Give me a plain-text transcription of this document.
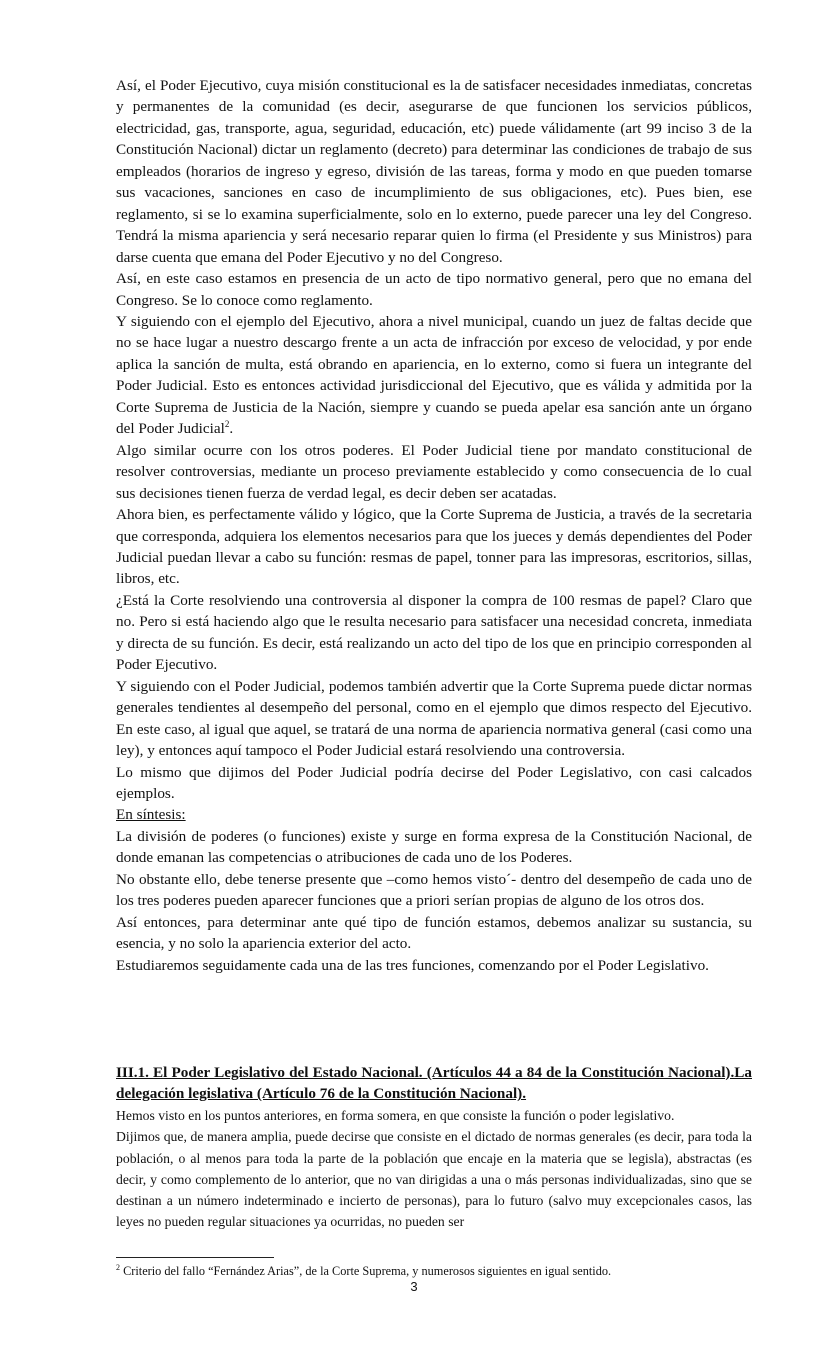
Así, el Poder Ejecutivo, cuya misión constitucional es la de satisfacer necesidades inmediatas, concretas y permanentes de la comunidad (es decir, asegurarse de que funcionen los servicios públicos, electricidad, gas, transporte, agua, seguridad, educación, etc) puede válidamente (art 99 inciso 3 de la Constitución Nacional) dictar un reglamento (decreto) para determinar las condiciones de trabajo de sus empleados (horarios de ingreso y egreso, división de las tareas, forma y modo en que pueden tomarse sus vacaciones, sanciones en caso de incumplimiento de sus obligaciones, etc). Pues bien, ese reglamento, si se lo examina superficialmente, solo en lo externo, puede parecer una ley del Congreso. Tendrá la misma apariencia y será necesario reparar quien lo firma (el Presidente y sus Ministros) para darse cuenta que emana del Poder Ejecutivo y no del Congreso.

Así, en este caso estamos en presencia de un acto de tipo normativo general, pero que no emana del Congreso. Se lo conoce como reglamento.

Y siguiendo con el ejemplo del Ejecutivo, ahora a nivel municipal, cuando un juez de faltas decide que no se hace lugar a nuestro descargo frente a un acta de infracción por exceso de velocidad, y por ende aplica la sanción de multa, está obrando en apariencia, en lo externo, como si fuera un integrante del Poder Judicial. Esto es entonces actividad jurisdiccional del Ejecutivo, que es válida y admitida por la Corte Suprema de Justicia de la Nación, siempre y cuando se pueda apelar esa sanción ante un órgano del Poder Judicial$^2$.

Algo similar ocurre con los otros poderes. El Poder Judicial tiene por mandato constitucional de resolver controversias, mediante un proceso previamente establecido y como consecuencia de lo cual sus decisiones tienen fuerza de verdad legal, es decir deben ser acatadas.

Ahora bien, es perfectamente válido y lógico, que la Corte Suprema de Justicia, a través de la secretaria que corresponda, adquiera los elementos necesarios para que los jueces y demás dependientes del Poder Judicial puedan llevar a cabo su función: resmas de papel, tonner para las impresoras, escritorios, sillas, libros, etc.

¿Está la Corte resolviendo una controversia al disponer la compra de 100 resmas de papel? Claro que no. Pero si está haciendo algo que le resulta necesario para satisfacer una necesidad concreta, inmediata y directa de su función. Es decir, está realizando un acto del tipo de los que en principio corresponden al Poder Ejecutivo.

Y siguiendo con el Poder Judicial, podemos también advertir que la Corte Suprema puede dictar normas generales tendientes al desempeño del personal, como en el ejemplo que dimos respecto del Ejecutivo. En este caso, al igual que aquel, se tratará de una norma de apariencia normativa general (casi como una ley), y entonces aquí tampoco el Poder Judicial estará resolviendo una controversia.

Lo mismo que dijimos del Poder Judicial podría decirse del Poder Legislativo, con casi calcados ejemplos.

En síntesis:

La división de poderes (o funciones) existe y surge en forma expresa de la Constitución Nacional, de donde emanan las competencias o atribuciones de cada uno de los Poderes.

No obstante ello, debe tenerse presente que –como hemos visto´- dentro del desempeño de cada uno de los tres poderes pueden aparecer funciones que a priori serían propias de alguno de los otros dos.

Así entonces, para determinar ante qué tipo de función estamos, debemos analizar su sustancia, su esencia, y no solo la apariencia exterior del acto.

Estudiaremos seguidamente cada una de las tres funciones, comenzando por el Poder Legislativo.

III.1. El Poder Legislativo del Estado Nacional. (Artículos 44 a 84 de la Constitución Nacional).La delegación legislativa (Artículo 76 de la Constitución Nacional).

Hemos visto en los puntos anteriores, en forma somera, en que consiste la función o poder legislativo.

Dijimos que, de manera amplia, puede decirse que consiste en el dictado de normas generales (es decir, para toda la población, o al menos para toda la parte de la población que encaje en la materia que se legisla), abstractas (es decir, y como complemento de lo anterior, que no van dirigidas a una o más personas individualizadas, sino que se destinan a un número indeterminado e incierto de personas), para lo futuro (salvo muy excepcionales casos, las leyes no pueden regular situaciones ya ocurridas, no pueden ser

$^2$ Criterio del fallo “Fernández Arias”, de la Corte Suprema, y numerosos siguientes en igual sentido.
3
